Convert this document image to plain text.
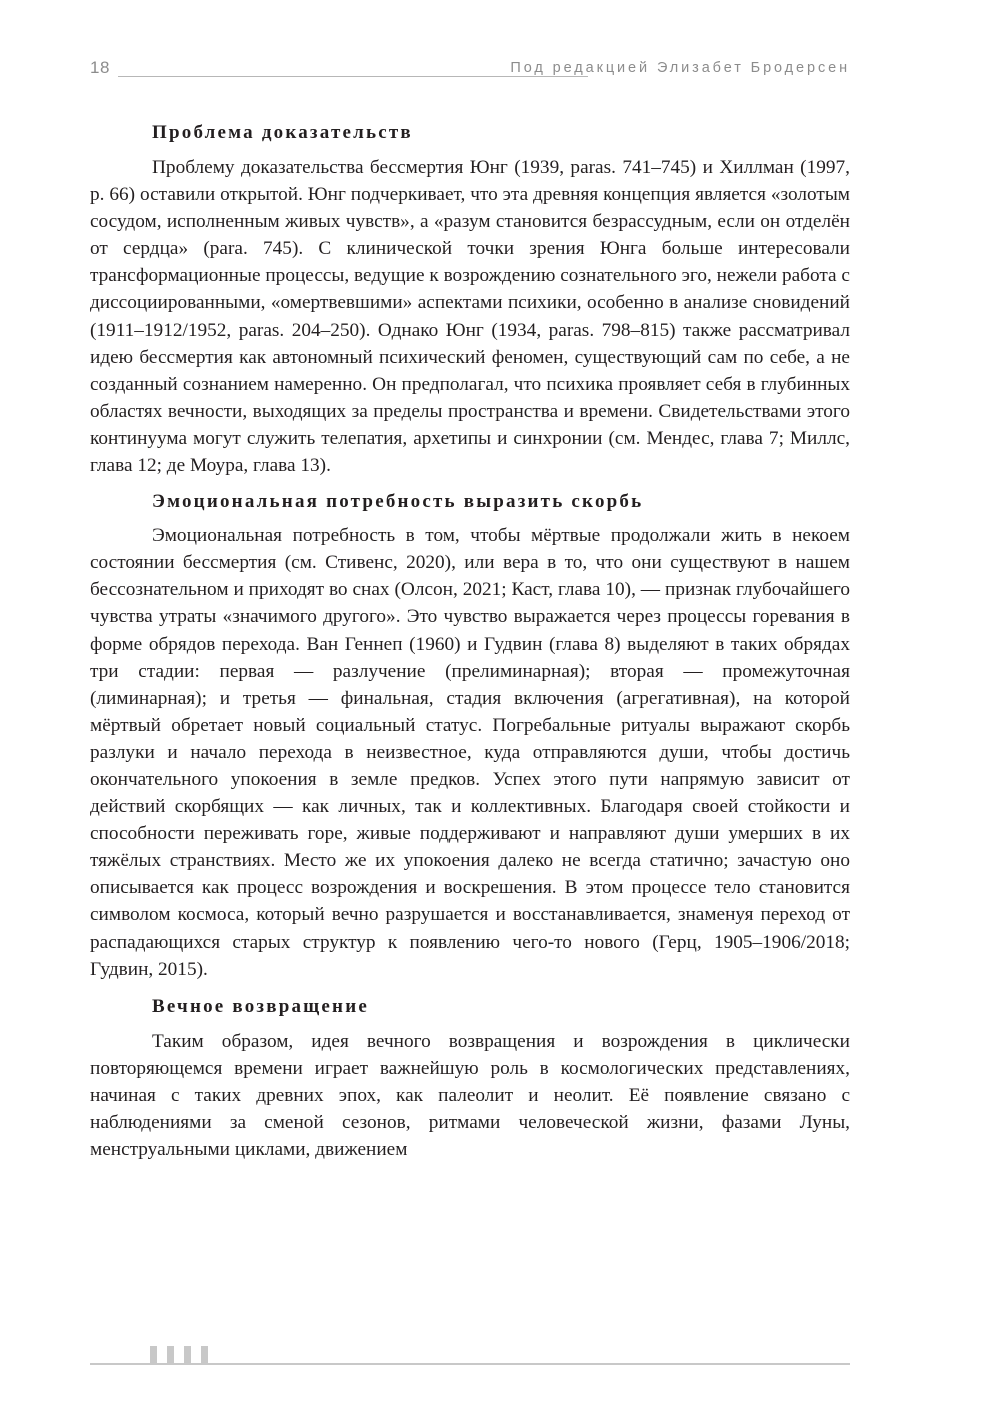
18	Под редакцией Элизабет Бродерсен
Проблема доказательств

Проблему доказательства бессмертия Юнг (1939, paras. 741–745) и Хиллман (1997, p. 66) оставили открытой. Юнг подчеркивает, что эта древняя концепция является «золотым сосудом, исполненным живых чувств», а «разум становится безрассудным, если он отделён от сердца» (para. 745). С клинической точки зрения Юнга больше интересовали трансформационные процессы, ведущие к возрождению сознательного эго, нежели работа с диссоциированными, «омертвевшими» аспектами психики, особенно в анализе сновидений (1911–1912/1952, paras. 204–250). Однако Юнг (1934, paras. 798–815) также рассматривал идею бессмертия как автономный психический феномен, существующий сам по себе, а не созданный сознанием намеренно. Он предполагал, что психика проявляет себя в глубинных областях вечности, выходящих за пределы пространства и времени. Свидетельствами этого континуума могут служить телепатия, архетипы и синхронии (см. Мендес, глава 7; Миллс, глава 12; де Моура, глава 13).

Эмоциональная потребность выразить скорбь

Эмоциональная потребность в том, чтобы мёртвые продолжали жить в некоем состоянии бессмертия (см. Стивенс, 2020), или вера в то, что они существуют в нашем бессознательном и приходят во снах (Олсон, 2021; Каст, глава 10), — признак глубочайшего чувства утраты «значимого другого». Это чувство выражается через процессы горевания в форме обрядов перехода. Ван Геннеп (1960) и Гудвин (глава 8) выделяют в таких обрядах три стадии: первая — разлучение (прелиминарная); вторая — промежуточная (лиминарная); и третья — финальная, стадия включения (агрегативная), на которой мёртвый обретает новый социальный статус. Погребальные ритуалы выражают скорбь разлуки и начало перехода в неизвестное, куда отправляются души, чтобы достичь окончательного упокоения в земле предков. Успех этого пути напрямую зависит от действий скорбящих — как личных, так и коллективных. Благодаря своей стойкости и способности переживать горе, живые поддерживают и направляют души умерших в их тяжёлых странствиях. Место же их упокоения далеко не всегда статично; зачастую оно описывается как процесс возрождения и воскрешения. В этом процессе тело становится символом космоса, который вечно разрушается и восстанавливается, знаменуя переход от распадающихся старых структур к появлению чего-то нового (Герц, 1905–1906/2018; Гудвин, 2015).

Вечное возвращение

Таким образом, идея вечного возвращения и возрождения в циклически повторяющемся времени играет важнейшую роль в космологических представлениях, начиная с таких древних эпох, как палеолит и неолит. Её появление связано с наблюдениями за сменой сезонов, ритмами человеческой жизни, фазами Луны, менструальными циклами, движением
